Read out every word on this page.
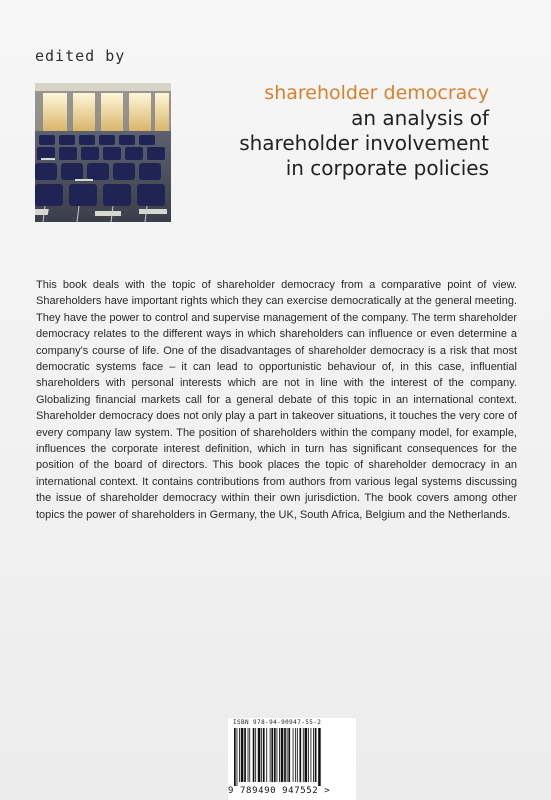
edited by

shareholder democracy
an analysis of
shareholder involvement
in corporate policies

This book deals with the topic of shareholder democracy from a comparative point of view. Shareholders have important rights which they can exercise democratically at the general meeting. They have the power to control and supervise management of the company. The term shareholder democracy relates to the different ways in which shareholders can influence or even determine a company's course of life. One of the disadvantages of shareholder democracy is a risk that most democratic systems face – it can lead to opportunistic behaviour of, in this case, influential shareholders with personal interests which are not in line with the interest of the company. Globalizing financial markets call for a general debate of this topic in an international context. Shareholder democracy does not only play a part in takeover situations, it touches the very core of every company law system. The position of shareholders within the company model, for example, influences the corporate interest definition, which in turn has significant consequences for the position of the board of directors. This book places the topic of shareholder democracy in an international context. It contains contributions from authors from various legal systems discussing the issue of shareholder democracy within their own jurisdiction. The book covers among other topics the power of shareholders in Germany, the UK, South Africa, Belgium and the Netherlands.

ISBN 978-94-90947-55-2
9 789490 947552 >
